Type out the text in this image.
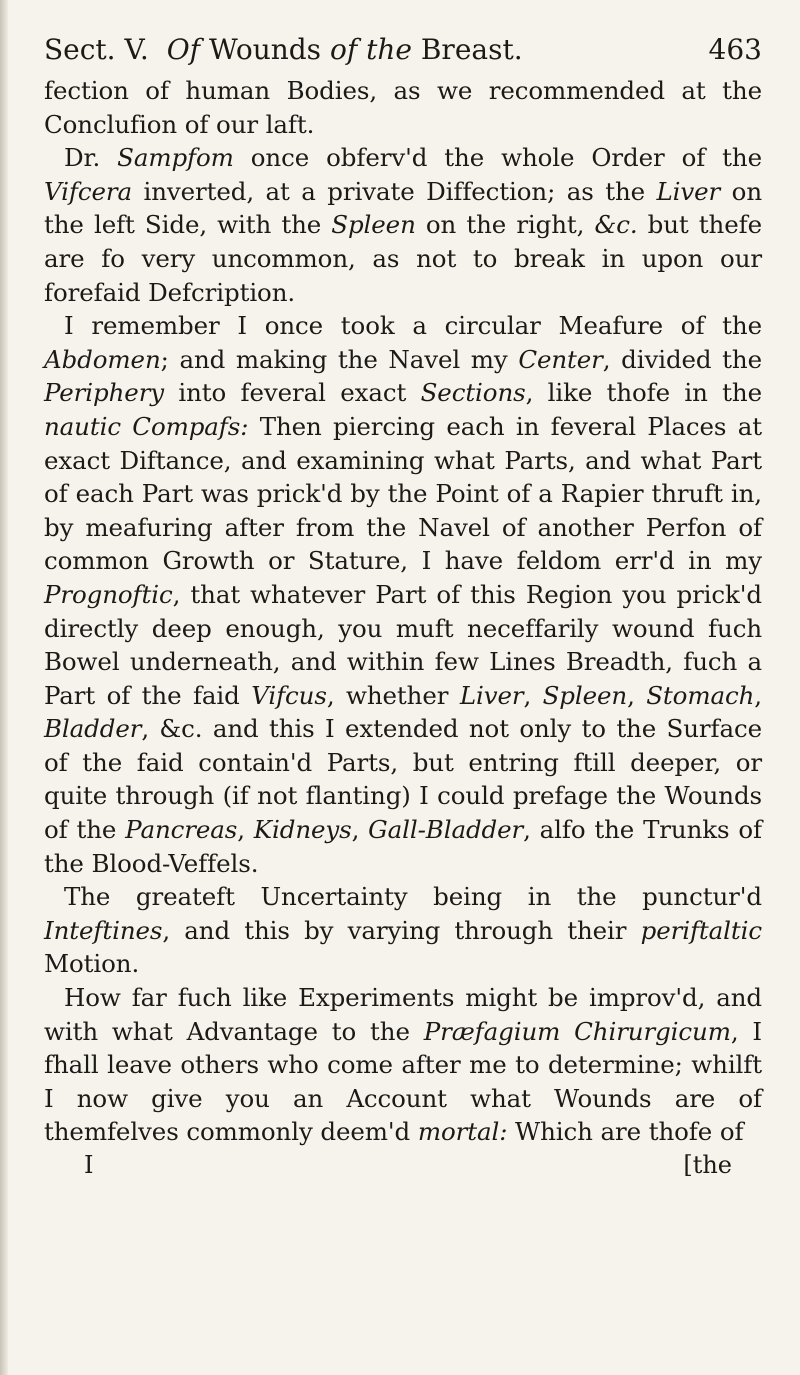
Sect. V. Of Wounds of the Breast.	463

fection of human Bodies, as we recommended at the Conclufion of our laft.

Dr. Sampfom once obferv'd the whole Order of the Vifcera inverted, at a private Diffection; as the Liver on the left Side, with the Spleen on the right, &c. but thefe are fo very uncommon, as not to break in upon our forefaid Defcription.

I remember I once took a circular Meafure of the Abdomen; and making the Navel my Center, divided the Periphery into feveral exact Sections, like thofe in the nautic Compafs: Then piercing each in feveral Places at exact Diftance, and examining what Parts, and what Part of each Part was prick'd by the Point of a Rapier thruft in, by meafuring after from the Navel of another Perfon of common Growth or Stature, I have feldom err'd in my Prognoftic, that whatever Part of this Region you prick'd directly deep enough, you muft neceffarily wound fuch Bowel underneath, and within few Lines Breadth, fuch a Part of the faid Vifcus, whether Liver, Spleen, Stomach, Bladder, &c. and this I extended not only to the Surface of the faid contain'd Parts, but entring ftill deeper, or quite through (if not flanting) I could prefage the Wounds of the Pancreas, Kidneys, Gall-Bladder, alfo the Trunks of the Blood-Veffels.

The greateft Uncertainty being in the punctur'd Inteftines, and this by varying through their periftaltic Motion.

How far fuch like Experiments might be improv'd, and with what Advantage to the Præfagium Chirurgicum, I fhall leave others who come after me to determine; whilft I now give you an Account what Wounds are of themfelves commonly deem'd mortal: Which are thofe of

I	[the
